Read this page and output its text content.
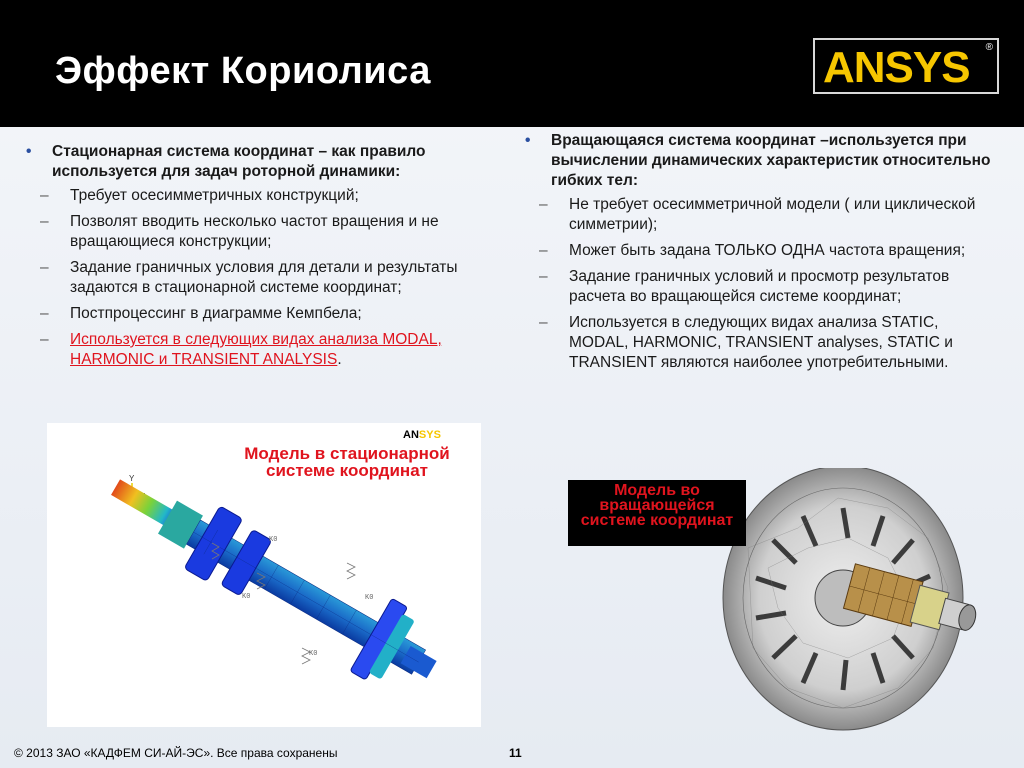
Эффект Кориолиса	ANSYS ®
• Стационарная система координат – как правило используется для задач роторной динамики:
– Требует осесимметричных конструкций;
– Позволят вводить несколько частот вращения и не вращающиеся конструкции;
– Задание граничных условия для детали и результаты задаются в стационарной системе координат;
– Постпроцессинг в диаграмме Кемпбела;
– Используется в следующих видах анализа MODAL, HARMONIC и TRANSIENT ANALYSIS.
• Вращающаяся система координат –используется при вычислении динамических характеристик относительно гибких тел:
– Не требует осесимметричной модели ( или циклической симметрии);
– Может быть задана ТОЛЬКО ОДНА частота вращения;
– Задание граничных условий и просмотр результатов расчета во вращающейся системе координат;
– Используется в следующих видах анализа STATIC, MODAL, HARMONIC, TRANSIENT analyses, STATIC и TRANSIENT являются наиболее употребительными.
ANSYS
Модель в стационарной системе координат
Y
K0
K0	K0
K0
Модель во вращающейся системе координат
© 2013 ЗАО «КАДФЕМ СИ-АЙ-ЭС». Все права сохранены	11
